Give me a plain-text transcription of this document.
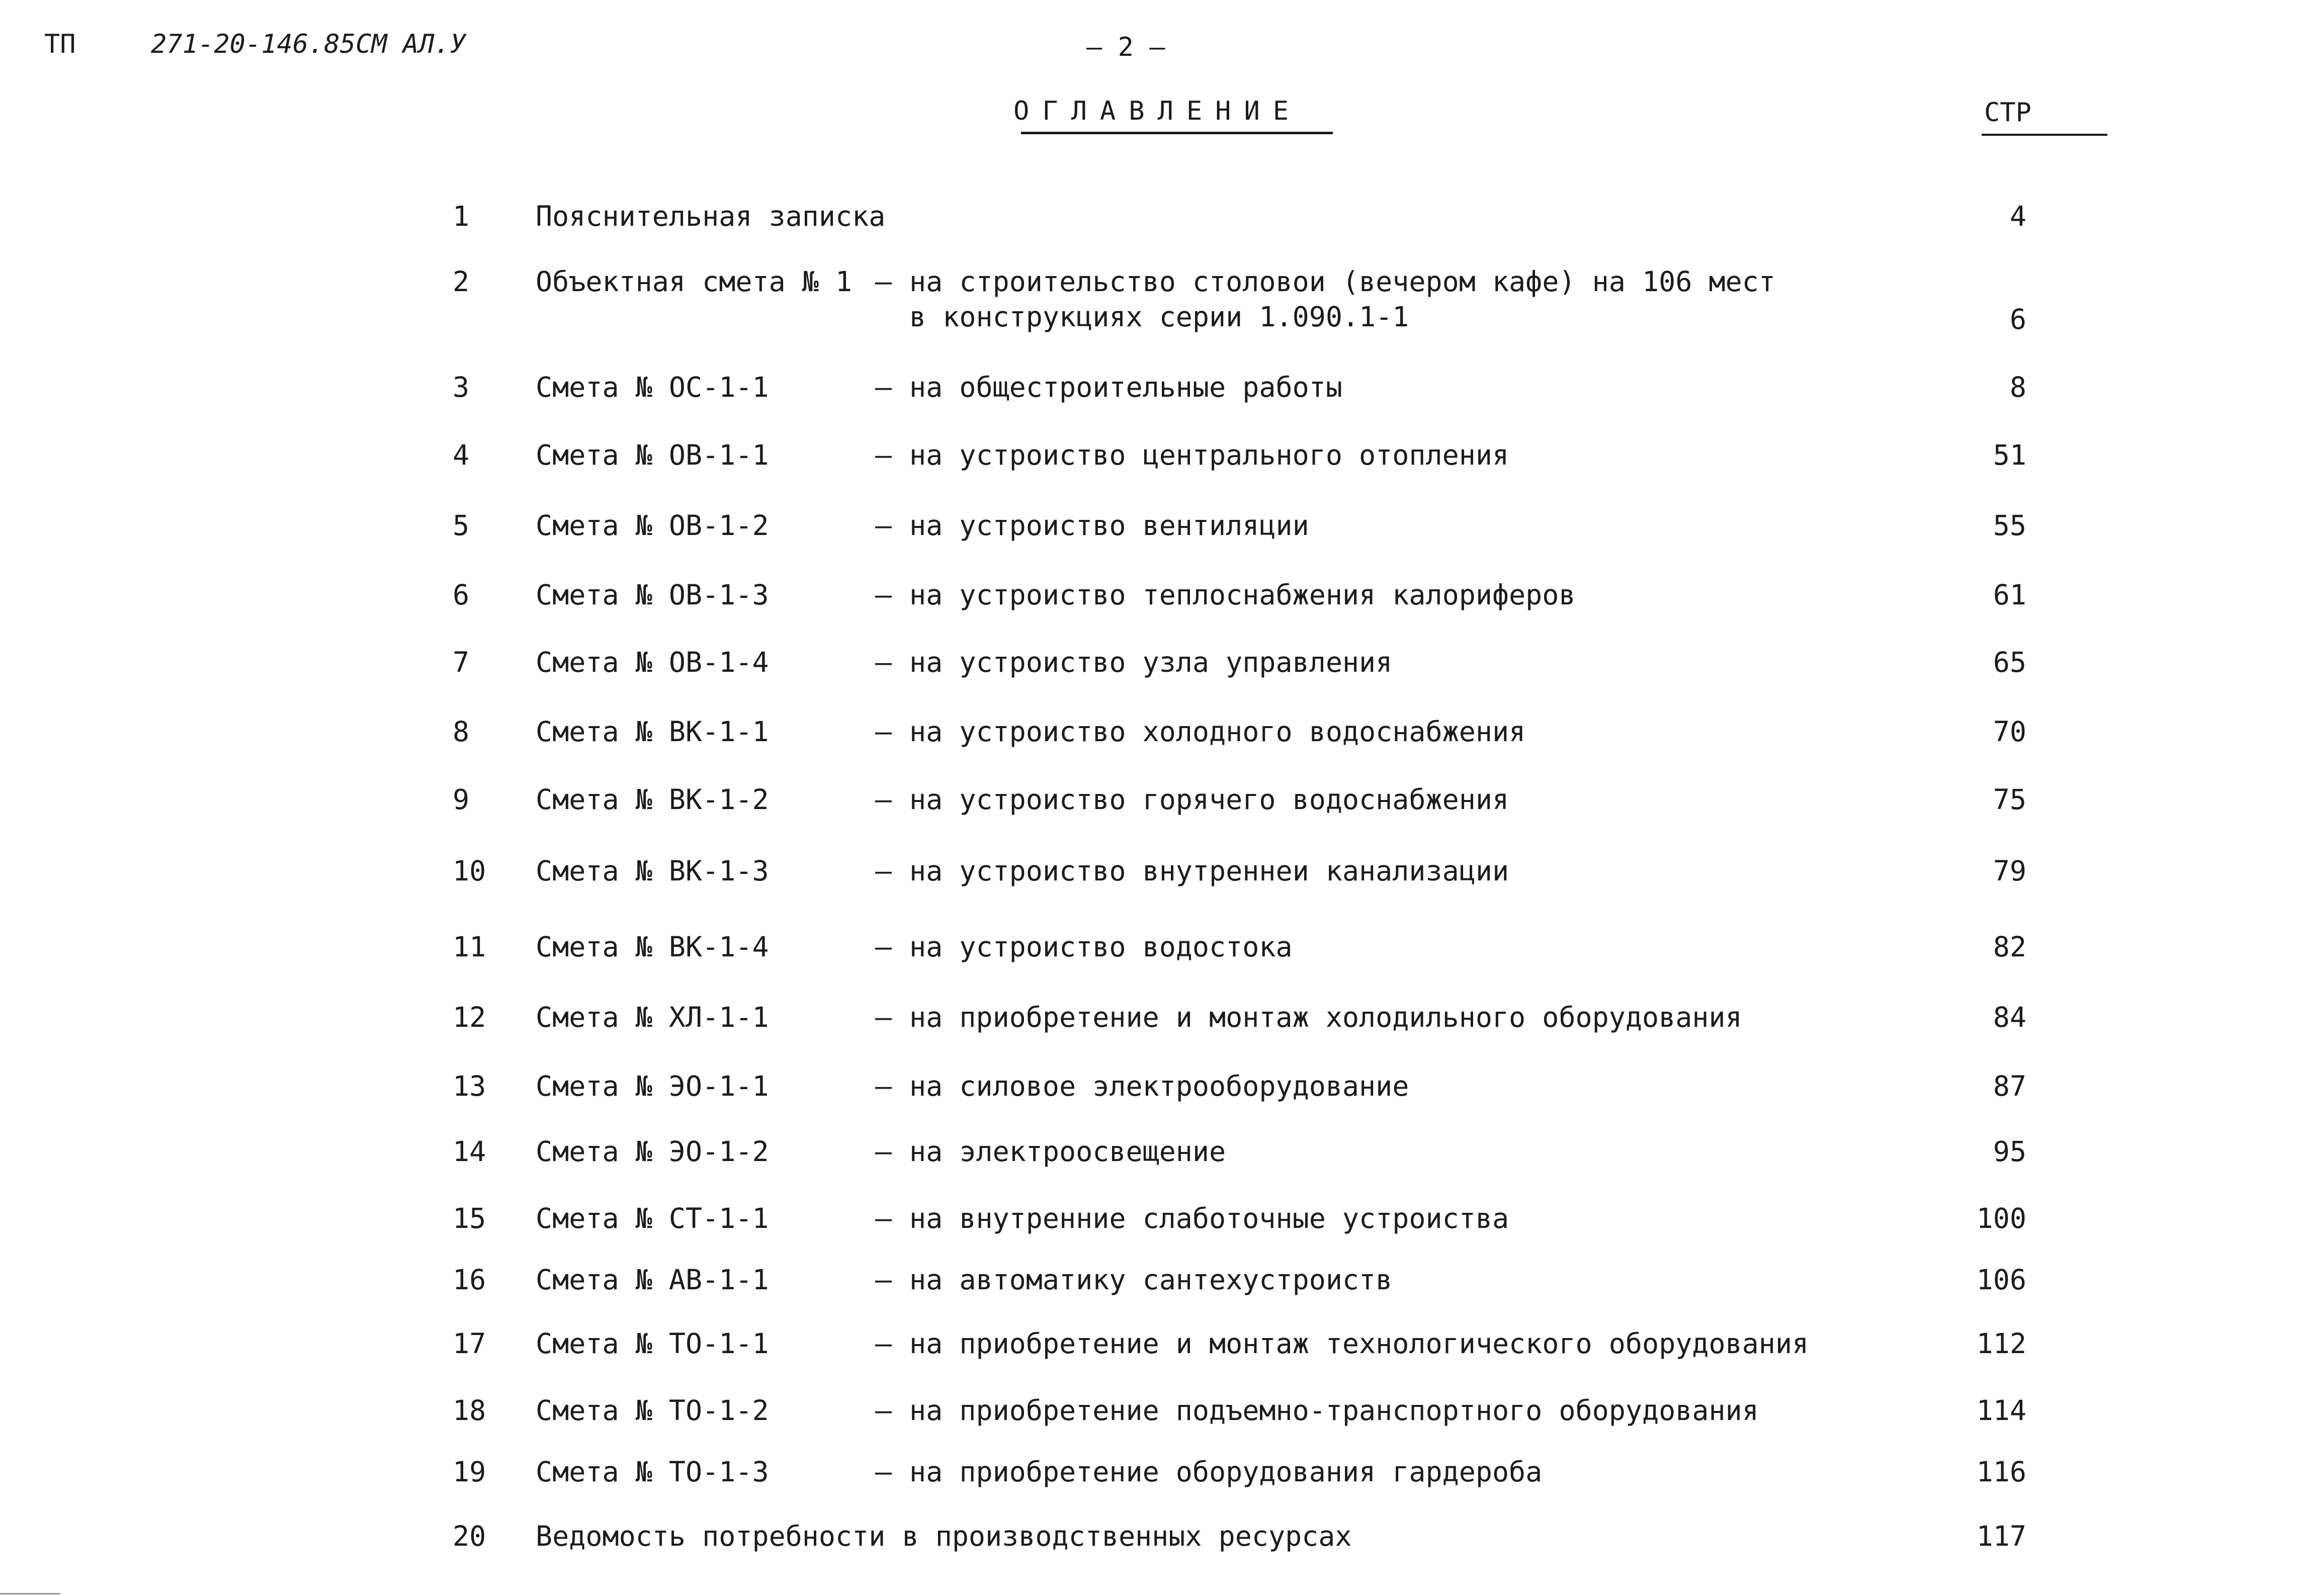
ТП	271-20-146.85СМ АЛ.У	– 2 –
ОГЛАВЛЕНИЕ	СТР
1 Пояснительная записка	4
2 Объектная смета № 1 – на строительство столовои (вечером кафе) на 106 мест
в конструкциях серии 1.090.1-1	6
3 Смета № ОС-1-1	– на общестроительные работы	8
4 Смета № ОВ-1-1	– на устроиство центрального отопления	51
5 Смета № ОВ-1-2	– на устроиство вентиляции	55
6 Смета № ОВ-1-3	– на устроиство теплоснабжения калориферов	61
7 Смета № ОВ-1-4	– на устроиство узла управления	65
8 Смета № ВК-1-1	– на устроиство холодного водоснабжения	70
9 Смета № ВК-1-2	– на устроиство горячего водоснабжения	75
10 Смета № ВК-1-3	– на устроиство внутреннеи канализации	79
11 Смета № ВК-1-4	– на устроиство водостока	82
12 Смета № ХЛ-1-1	– на приобретение и монтаж холодильного оборудования	84
13 Смета № ЭО-1-1	– на силовое электрооборудование	87
14 Смета № ЭО-1-2	– на электроосвещение	95
15 Смета № СТ-1-1	– на внутренние слаботочные устроиства	100
16 Смета № АВ-1-1	– на автоматику сантехустроиств	106
17 Смета № ТО-1-1	– на приобретение и монтаж технологического оборудования	112
18 Смета № ТО-1-2	– на приобретение подъемно-транспортного оборудования	114
19 Смета № ТО-1-3	– на приобретение оборудования гардероба	116
20 Ведомость потребности в производственных ресурсах	117
